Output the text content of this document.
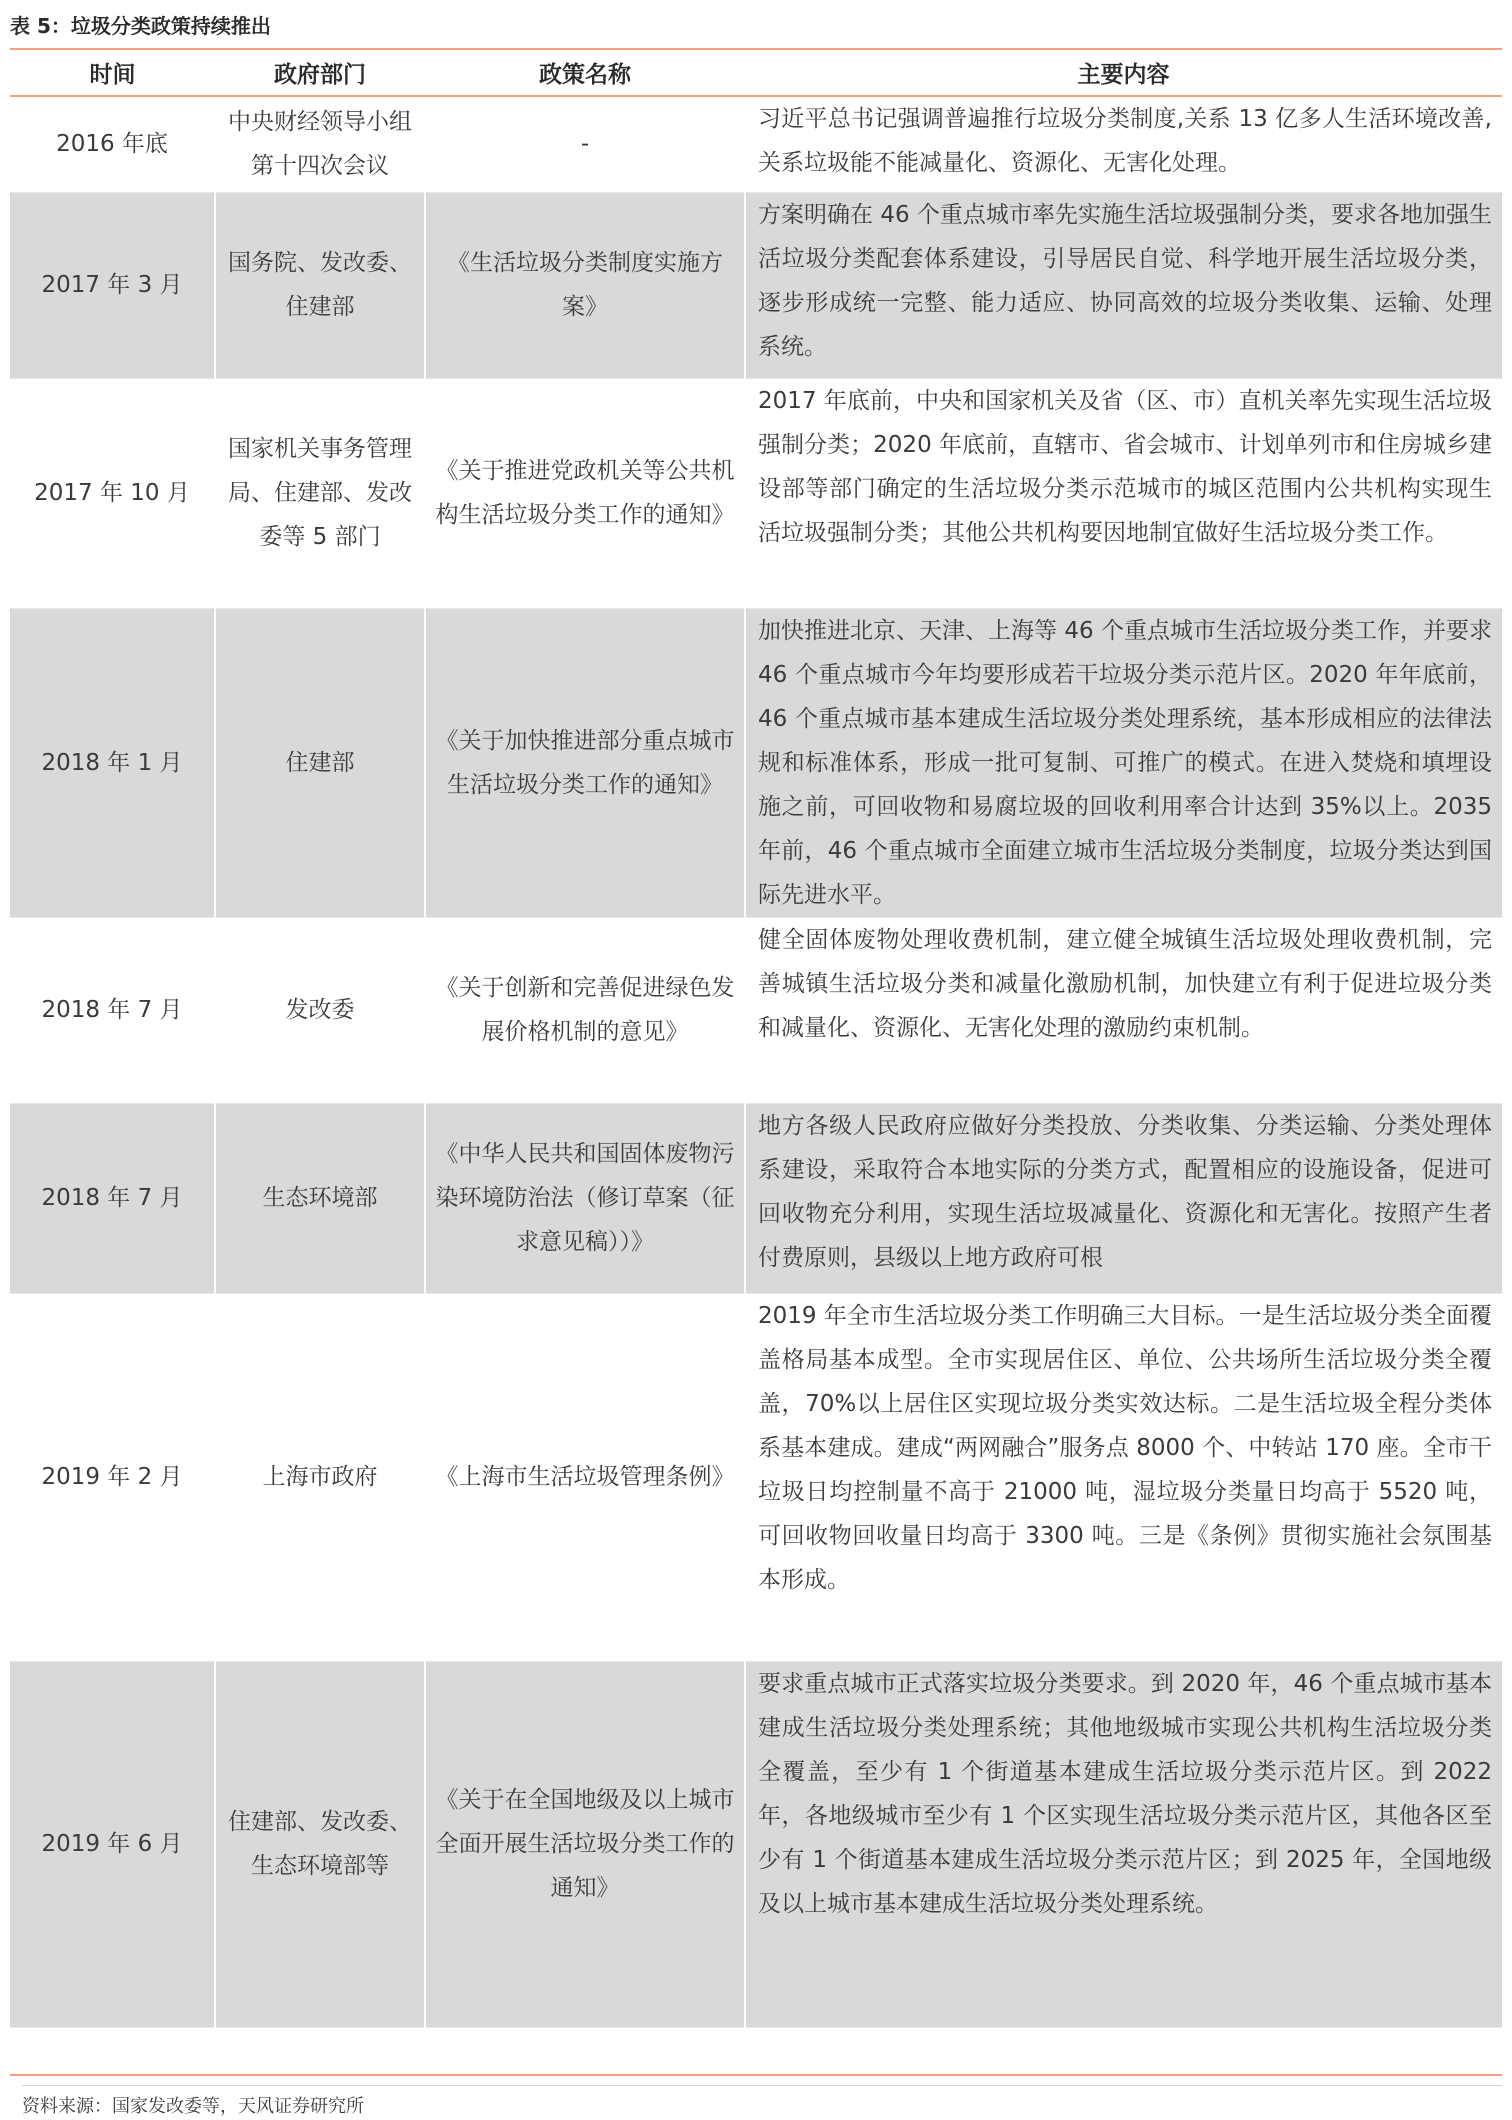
表 5：垃圾分类政策持续推出
时间	政府部门	政策名称	主要内容
2016 年底	中央财经领导小组第十四次会议	-	习近平总书记强调普遍推行垃圾分类制度,关系 13 亿多人生活环境改善,关系垃圾能不能减量化、资源化、无害化处理。
2017 年 3 月	国务院、发改委、住建部	《生活垃圾分类制度实施方案》	方案明确在 46 个重点城市率先实施生活垃圾强制分类，要求各地加强生活垃圾分类配套体系建设，引导居民自觉、科学地开展生活垃圾分类，逐步形成统一完整、能力适应、协同高效的垃圾分类收集、运输、处理系统。
2017 年 10 月	国家机关事务管理局、住建部、发改委等 5 部门	《关于推进党政机关等公共机构生活垃圾分类工作的通知》	2017 年底前，中央和国家机关及省（区、市）直机关率先实现生活垃圾强制分类；2020 年底前，直辖市、省会城市、计划单列市和住房城乡建设部等部门确定的生活垃圾分类示范城市的城区范围内公共机构实现生活垃圾强制分类；其他公共机构要因地制宜做好生活垃圾分类工作。
2018 年 1 月	住建部	《关于加快推进部分重点城市生活垃圾分类工作的通知》	加快推进北京、天津、上海等 46 个重点城市生活垃圾分类工作，并要求 46 个重点城市今年均要形成若干垃圾分类示范片区。2020 年年底前，46 个重点城市基本建成生活垃圾分类处理系统，基本形成相应的法律法规和标准体系，形成一批可复制、可推广的模式。在进入焚烧和填埋设施之前，可回收物和易腐垃圾的回收利用率合计达到 35%以上。2035 年前，46 个重点城市全面建立城市生活垃圾分类制度，垃圾分类达到国际先进水平。
2018 年 7 月	发改委	《关于创新和完善促进绿色发展价格机制的意见》	健全固体废物处理收费机制，建立健全城镇生活垃圾处理收费机制，完善城镇生活垃圾分类和减量化激励机制，加快建立有利于促进垃圾分类和减量化、资源化、无害化处理的激励约束机制。
2018 年 7 月	生态环境部	《中华人民共和国固体废物污染环境防治法（修订草案（征求意见稿））》	地方各级人民政府应做好分类投放、分类收集、分类运输、分类处理体系建设，采取符合本地实际的分类方式，配置相应的设施设备，促进可回收物充分利用，实现生活垃圾减量化、资源化和无害化。按照产生者付费原则，县级以上地方政府可根

2019 年 2 月	上海市政府	《上海市生活垃圾管理条例》	2019 年全市生活垃圾分类工作明确三大目标。一是生活垃圾分类全面覆盖格局基本成型。全市实现居住区、单位、公共场所生活垃圾分类全覆盖，70%以上居住区实现垃圾分类实效达标。二是生活垃圾全程分类体系基本建成。建成“两网融合”服务点 8000 个、中转站 170 座。全市干垃圾日均控制量不高于 21000 吨，湿垃圾分类量日均高于 5520 吨，可回收物回收量日均高于 3300 吨。三是《条例》贯彻实施社会氛围基本形成。
2019 年 6 月	住建部、发改委、生态环境部等	《关于在全国地级及以上城市全面开展生活垃圾分类工作的通知》	要求重点城市正式落实垃圾分类要求。到 2020 年，46 个重点城市基本建成生活垃圾分类处理系统；其他地级城市实现公共机构生活垃圾分类全覆盖，至少有 1 个街道基本建成生活垃圾分类示范片区。到 2022 年，各地级城市至少有 1 个区实现生活垃圾分类示范片区，其他各区至少有 1 个街道基本建成生活垃圾分类示范片区；到 2025 年，全国地级及以上城市基本建成生活垃圾分类处理系统。
资料来源：国家发改委等，天风证券研究所
